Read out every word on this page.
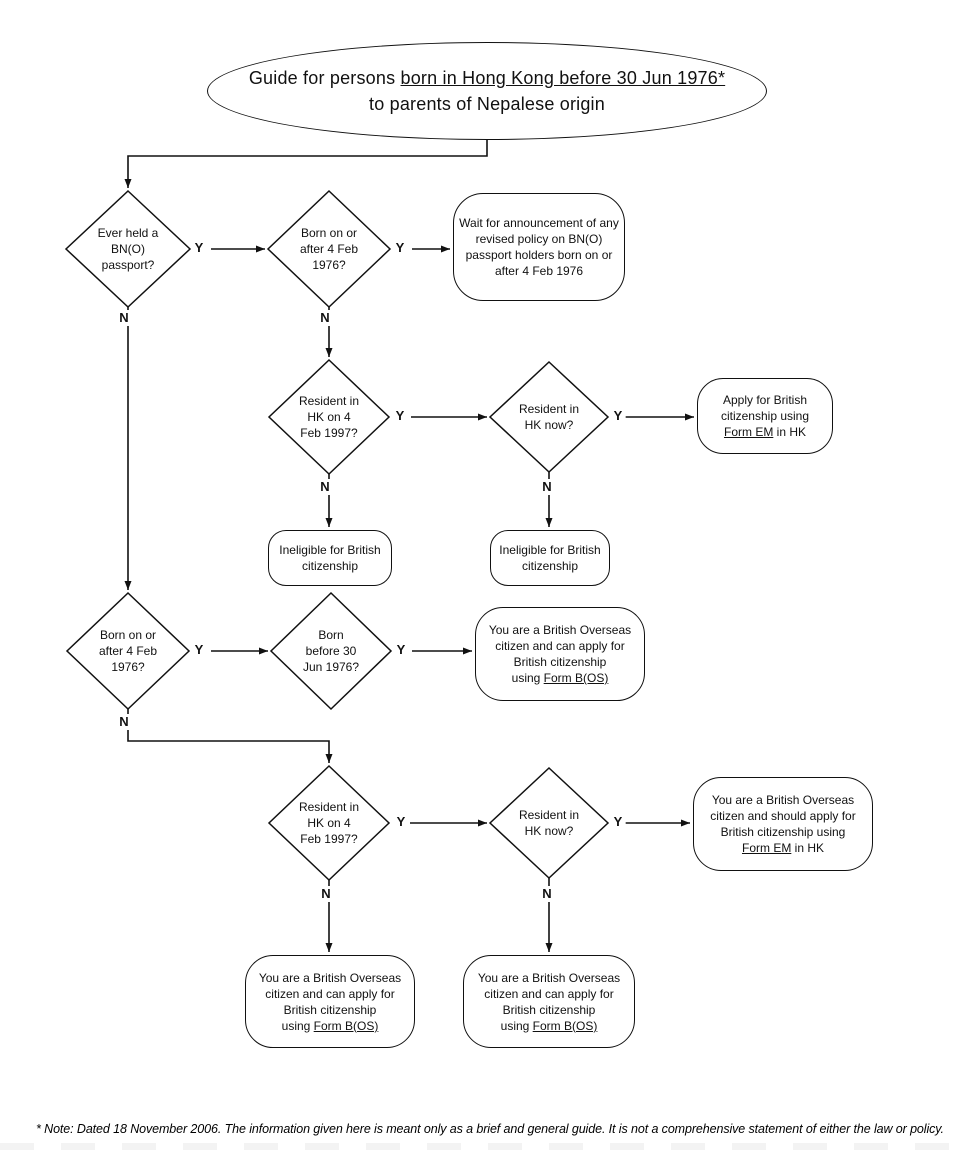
Guide for persons born in Hong Kong before 30 Jun 1976*
to parents of Nepalese origin
Ever held a
BN(O)
passport?
Born on or
after 4 Feb
1976?
Wait for announcement of any
revised policy on BN(O)
passport holders born on or
after 4 Feb 1976
Resident in
HK on 4
Feb 1997?
Resident in
HK now?
Apply for British
citizenship using
Form EM in HK
Ineligible for British
citizenship
Ineligible for British
citizenship
Born on or
after 4 Feb
1976?
Born
before 30
Jun 1976?
You are a British Overseas
citizen and can apply for
British citizenship
using Form B(OS)
Resident in
HK on 4
Feb 1997?
Resident in
HK now?
You are a British Overseas
citizen and should apply for
British citizenship using
Form EM in HK
You are a British Overseas
citizen and can apply for
British citizenship
using Form B(OS)
You are a British Overseas
citizen and can apply for
British citizenship
using Form B(OS)
Y	Y
N	N
Y	Y
N	N
Y	Y
N
Y	Y
N	N
* Note: Dated 18 November 2006. The information given here is meant only as a brief and general guide. It is not a comprehensive statement of either the law or policy.
